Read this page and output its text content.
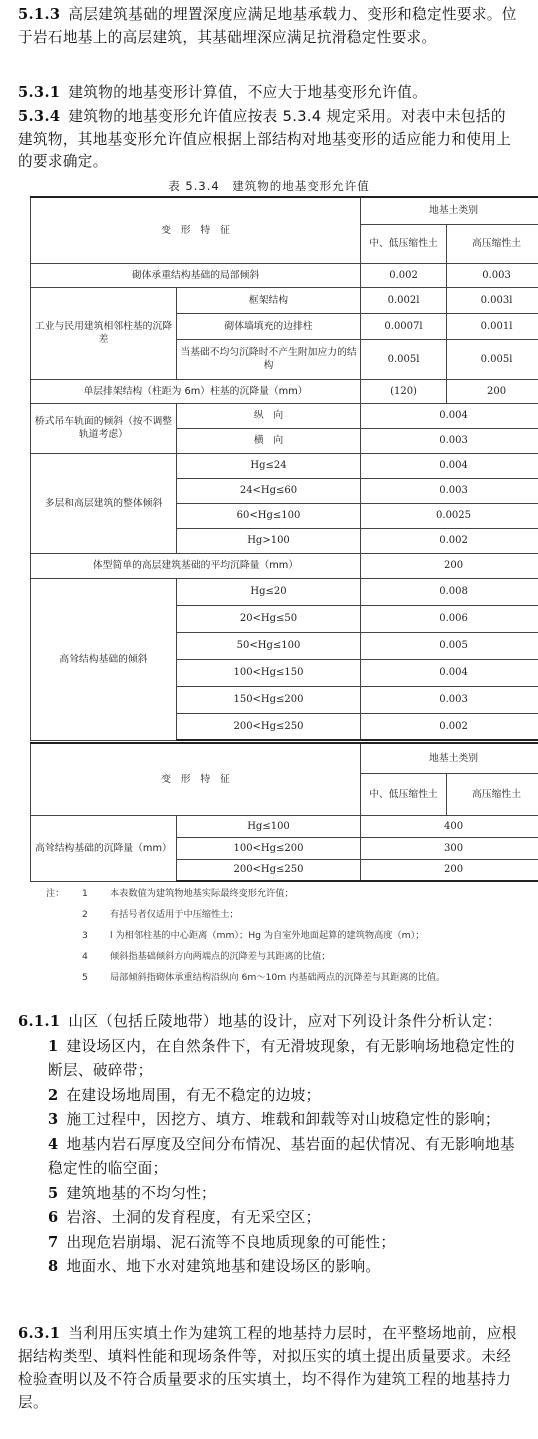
5.1.3 高层建筑基础的埋置深度应满足地基承载力、变形和稳定性要求。位于岩石地基上的高层建筑，其基础埋深应满足抗滑稳定性要求。
5.3.1 建筑物的地基变形计算值，不应大于地基变形允许值。
5.3.4 建筑物的地基变形允许值应按表 5.3.4 规定采用。对表中未包括的建筑物，其地基变形允许值应根据上部结构对地基变形的适应能力和使用上的要求确定。
表 5.3.4　建筑物的地基变形允许值
变　形　特　征		地基土类别	
		中、低压缩性土	高压缩性土
砌体承重结构基础的局部倾斜		0.002	0.003
工业与民用建筑相邻柱基的沉降差	框架结构	0.002l	0.003l
	砌体墙填充的边排柱	0.0007l	0.001l
	当基础不均匀沉降时不产生附加应力的结构	0.005l	0.005l
单层排架结构（柱距为 6m）柱基的沉降量（mm）		(120)	200
桥式吊车轨面的倾斜（按不调整轨道考虑）	纵　向	0.004	
	横　向	0.003	
多层和高层建筑的整体倾斜	Hg≤24	0.004	
	24<Hg≤60	0.003	
	60<Hg≤100	0.0025	
	Hg>100	0.002	
体型简单的高层建筑基础的平均沉降量（mm）		200	
高耸结构基础的倾斜	Hg≤20	0.008	
	20<Hg≤50	0.006	
	50<Hg≤100	0.005	
	100<Hg≤150	0.004	
	150<Hg≤200	0.003	
	200<Hg≤250	0.002	
变　形　特　征		地基土类别	
		中、低压缩性土	高压缩性土
高耸结构基础的沉降量（mm）	Hg≤100	400	
	100<Hg≤200	300	
	200<Hg≤250	200	
注：	1	本表数值为建筑物地基实际最终变形允许值；
2	有括号者仅适用于中压缩性土；
3	l 为相邻柱基的中心距离（mm）；Hg 为自室外地面起算的建筑物高度（m）；
4	倾斜指基础倾斜方向两端点的沉降差与其距离的比值；
5	局部倾斜指砌体承重结构沿纵向 6m～10m 内基础两点的沉降差与其距离的比值。
6.1.1 山区（包括丘陵地带）地基的设计，应对下列设计条件分析认定：
1 建设场区内，在自然条件下，有无滑坡现象，有无影响场地稳定性的断层、破碎带；
2 在建设场地周围，有无不稳定的边坡；
3 施工过程中，因挖方、填方、堆载和卸载等对山坡稳定性的影响；
4 地基内岩石厚度及空间分布情况、基岩面的起伏情况、有无影响地基稳定性的临空面；
5 建筑地基的不均匀性；
6 岩溶、土洞的发育程度，有无采空区；
7 出现危岩崩塌、泥石流等不良地质现象的可能性；
8 地面水、地下水对建筑地基和建设场区的影响。
6.3.1 当利用压实填土作为建筑工程的地基持力层时，在平整场地前，应根据结构类型、填料性能和现场条件等，对拟压实的填土提出质量要求。未经检验查明以及不符合质量要求的压实填土，均不得作为建筑工程的地基持力层。
